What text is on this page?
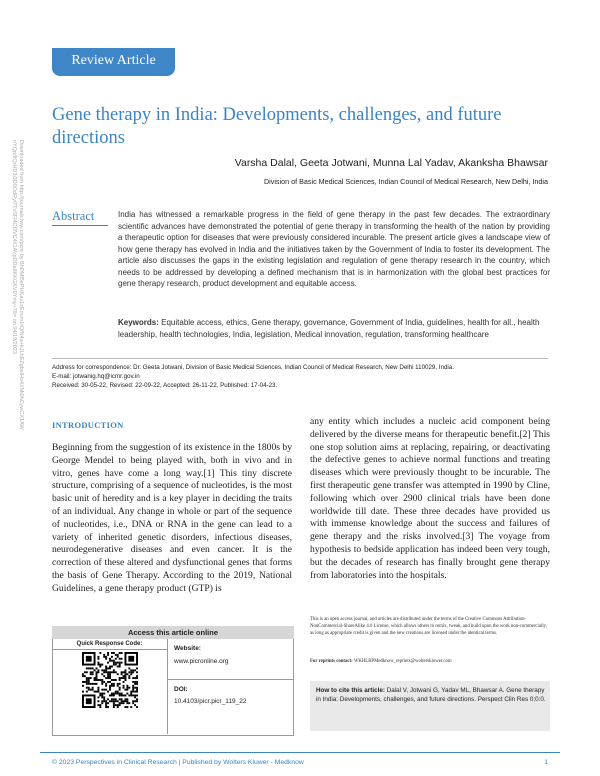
Review Article
Gene therapy in India: Developments, challenges, and future directions
Varsha Dalal, Geeta Jotwani, Munna Lal Yadav, Akanksha Bhawsar
Division of Basic Medical Sciences, Indian Council of Medical Research, New Delhi, India
Abstract	India has witnessed a remarkable progress in the field of gene therapy in the past few decades. The extraordinary scientific advances have demonstrated the potential of gene therapy in transforming the health of the nation by providing a therapeutic option for diseases that were previously considered incurable. The present article gives a landscape view of how gene therapy has evolved in India and the initiatives taken by the Government of India to foster its development. The article also discusses the gaps in the existing legislation and regulation of gene therapy research in the country, which needs to be addressed by developing a defined mechanism that is in harmonization with the global best practices for gene therapy research, product development and equitable access.
Keywords: Equitable access, ethics, Gene therapy, governance, Government of India, guidelines, health for all., health leadership, health technologies, India, legislation, Medical innovation, regulation, transforming healthcare
Address for correspondence: Dr. Geeta Jotwani, Division of Basic Medical Sciences, Indian Council of Medical Research, New Delhi 110029, India.
E-mail: jotwanig.hq@icmr.gov.in
Received: 30-05-22, Revised: 22-09-22, Accepted: 26-11-22, Published: 17-04-23.
Downloaded from http://journals.lww.com/pcre by BhDMf5ePHKav1zEoum1tQfN4a+kJLhEZgbsIHo4XMi0hCywCX1AW
nYQp/IlQrHD3i3D0OdRyi7TvSFl4Cf3VC4/OAVpDDa8KKGKV0Ymy+78= on 04/19/2023
INTRODUCTION
Beginning from the suggestion of its existence in the 1800s by George Mendel to being played with, both in vivo and in vitro, genes have come a long way.[1] This tiny discrete structure, comprising of a sequence of nucleotides, is the most basic unit of heredity and is a key player in deciding the traits of an individual. Any change in whole or part of the sequence of nucleotides, i.e., DNA or RNA in the gene can lead to a variety of inherited genetic disorders, infectious diseases, neurodegenerative diseases and even cancer. It is the correction of these altered and dysfunctional genes that forms the basis of Gene Therapy. According to the 2019, National Guidelines, a gene therapy product (GTP) is
any entity which includes a nucleic acid component being delivered by the diverse means for therapeutic benefit.[2] This one stop solution aims at replacing, repairing, or deactivating the defective genes to achieve normal functions and treating diseases which were previously thought to be incurable. The first therapeutic gene transfer was attempted in 1990 by Cline, following which over 2900 clinical trials have been done worldwide till date. These three decades have provided us with immense knowledge about the success and failures of gene therapy and the risks involved.[3] The voyage from hypothesis to bedside application has indeed been very tough, but the decades of research has finally brought gene therapy from laboratories into the hospitals.
Access this article online
Quick Response Code:
Website:
www.picronline.org
DOI:
10.4103/picr.picr_119_22
This is an open access journal, and articles are distributed under the terms of the Creative Commons Attribution-NonCommercial-ShareAlike 4.0 License, which allows others to remix, tweak, and build upon the work non-commercially, as long as appropriate credit is given and the new creations are licensed under the identical terms.
For reprints contact: WKHLRPMedknow_reprints@wolterskluwer.com
How to cite this article: Dalal V, Jotwani G, Yadav ML, Bhawsar A. Gene therapy in India: Developments, challenges, and future directions. Perspect Clin Res 0;0:0.
© 2023 Perspectives in Clinical Research | Published by Wolters Kluwer - Medknow	1
